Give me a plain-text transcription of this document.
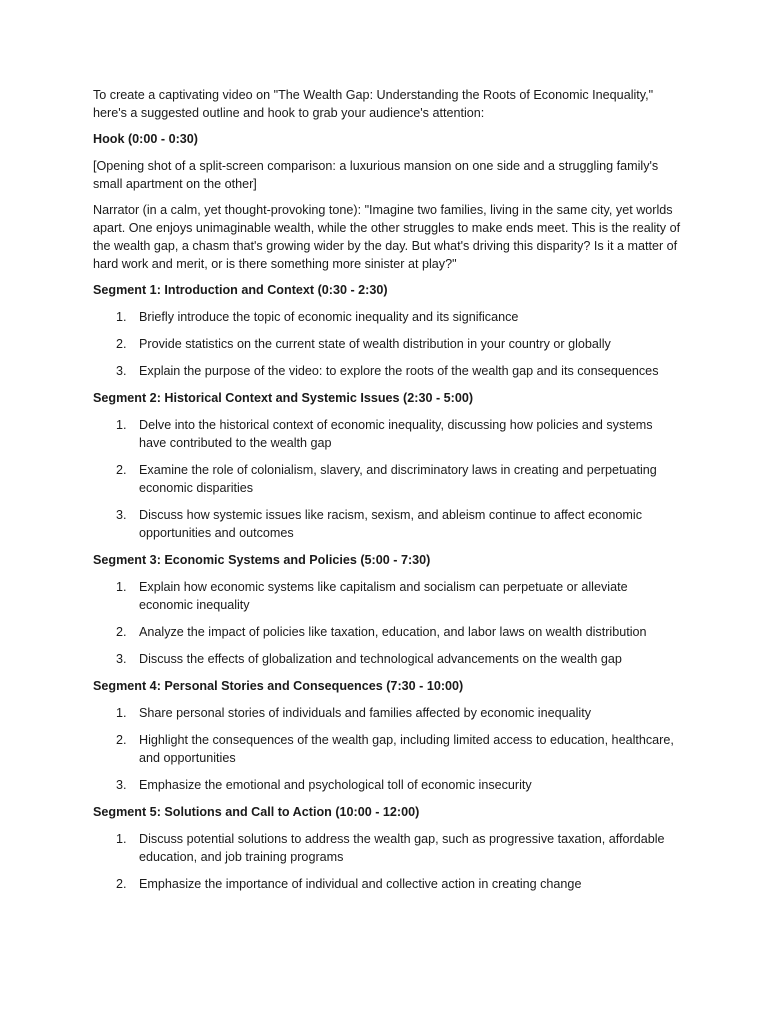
To create a captivating video on "The Wealth Gap: Understanding the Roots of Economic Inequality," here's a suggested outline and hook to grab your audience's attention:

Hook (0:00 - 0:30)

[Opening shot of a split-screen comparison: a luxurious mansion on one side and a struggling family's small apartment on the other]

Narrator (in a calm, yet thought-provoking tone): "Imagine two families, living in the same city, yet worlds apart. One enjoys unimaginable wealth, while the other struggles to make ends meet. This is the reality of the wealth gap, a chasm that's growing wider by the day. But what's driving this disparity? Is it a matter of hard work and merit, or is there something more sinister at play?"

Segment 1: Introduction and Context (0:30 - 2:30)

1. Briefly introduce the topic of economic inequality and its significance
2. Provide statistics on the current state of wealth distribution in your country or globally
3. Explain the purpose of the video: to explore the roots of the wealth gap and its consequences

Segment 2: Historical Context and Systemic Issues (2:30 - 5:00)

1. Delve into the historical context of economic inequality, discussing how policies and systems have contributed to the wealth gap
2. Examine the role of colonialism, slavery, and discriminatory laws in creating and perpetuating economic disparities
3. Discuss how systemic issues like racism, sexism, and ableism continue to affect economic opportunities and outcomes

Segment 3: Economic Systems and Policies (5:00 - 7:30)

1. Explain how economic systems like capitalism and socialism can perpetuate or alleviate economic inequality
2. Analyze the impact of policies like taxation, education, and labor laws on wealth distribution
3. Discuss the effects of globalization and technological advancements on the wealth gap

Segment 4: Personal Stories and Consequences (7:30 - 10:00)

1. Share personal stories of individuals and families affected by economic inequality
2. Highlight the consequences of the wealth gap, including limited access to education, healthcare, and opportunities
3. Emphasize the emotional and psychological toll of economic insecurity

Segment 5: Solutions and Call to Action (10:00 - 12:00)

1. Discuss potential solutions to address the wealth gap, such as progressive taxation, affordable education, and job training programs
2. Emphasize the importance of individual and collective action in creating change
